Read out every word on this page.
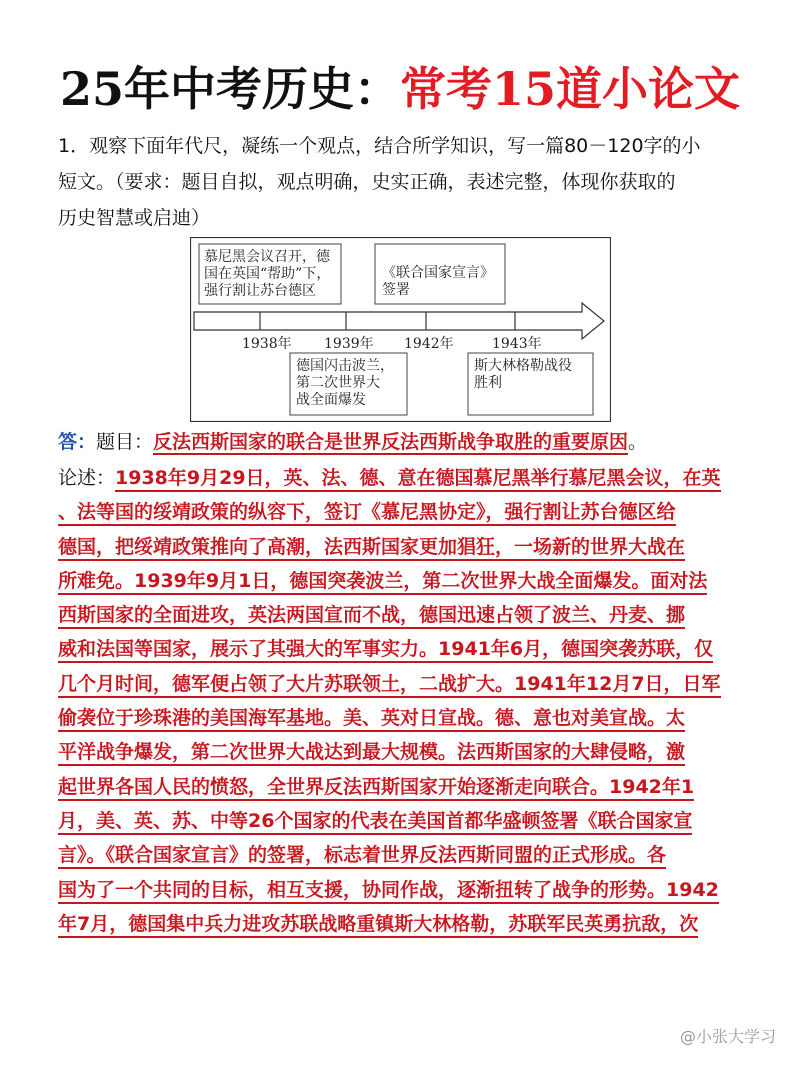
25年中考历史：常考15道小论文
1．观察下面年代尺，凝练一个观点，结合所学知识，写一篇80－120字的小
短文。（要求：题目自拟，观点明确，史实正确，表述完整，体现你获取的
历史智慧或启迪）
慕尼黑会议召开，德
国在英国“帮助”下，
强行割让苏台德区
《联合国家宣言》
签署
1938年 1939年 1942年	1943年
德国闪击波兰，
第二次世界大
战全面爆发
斯大林格勒战役
胜利
答：题目：反法西斯国家的联合是世界反法西斯战争取胜的重要原因。
论述：1938年9月29日，英、法、德、意在德国慕尼黑举行慕尼黑会议，在英
、法等国的绥靖政策的纵容下，签订《慕尼黑协定》，强行割让苏台德区给
德国，把绥靖政策推向了高潮，法西斯国家更加猖狂，一场新的世界大战在
所难免。1939年9月1日，德国突袭波兰，第二次世界大战全面爆发。面对法
西斯国家的全面进攻，英法两国宣而不战，德国迅速占领了波兰、丹麦、挪
威和法国等国家，展示了其强大的军事实力。1941年6月，德国突袭苏联，仅
几个月时间，德军便占领了大片苏联领土，二战扩大。1941年12月7日，日军
偷袭位于珍珠港的美国海军基地。美、英对日宣战。德、意也对美宣战。太
平洋战争爆发，第二次世界大战达到最大规模。法西斯国家的大肆侵略，激
起世界各国人民的愤怒，全世界反法西斯国家开始逐渐走向联合。1942年1
月，美、英、苏、中等26个国家的代表在美国首都华盛顿签署《联合国家宣
言》。《联合国家宣言》的签署，标志着世界反法西斯同盟的正式形成。各
国为了一个共同的目标，相互支援，协同作战，逐渐扭转了战争的形势。1942
年7月，德国集中兵力进攻苏联战略重镇斯大林格勒，苏联军民英勇抗敌，次
@小张大学习
